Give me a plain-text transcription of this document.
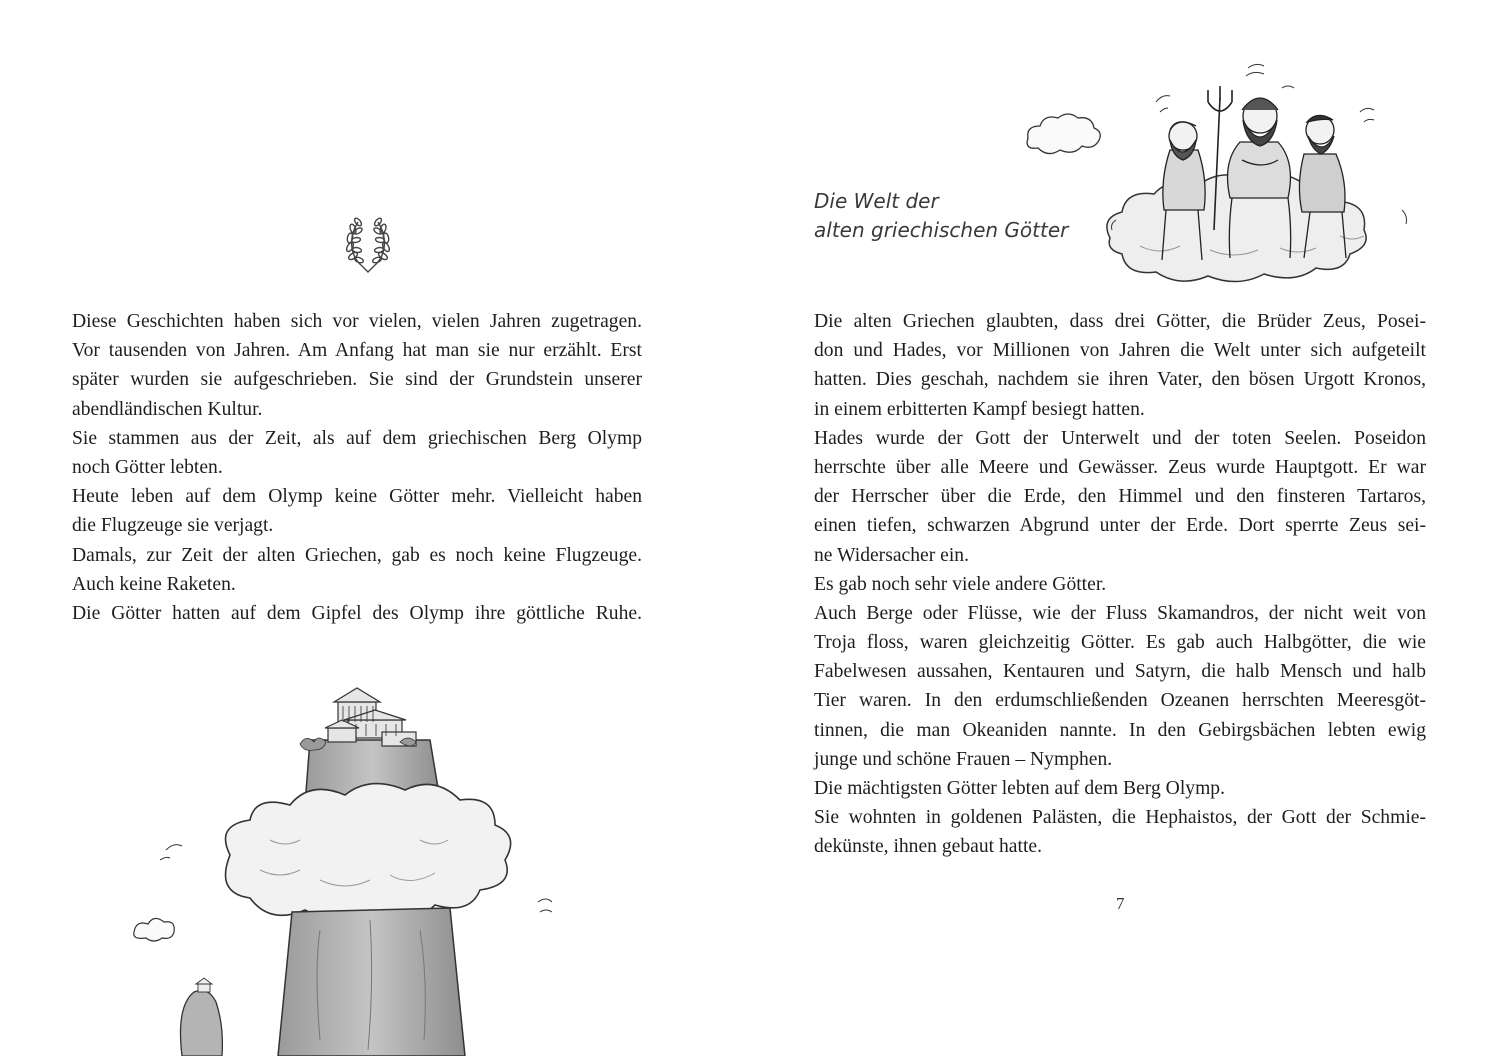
Diese Geschichten haben sich vor vielen, vielen Jahren zugetragen.
Vor tausenden von Jahren. Am Anfang hat man sie nur erzählt. Erst
später wurden sie aufgeschrieben. Sie sind der Grundstein unserer
abendländischen Kultur.
Sie stammen aus der Zeit, als auf dem griechischen Berg Olymp
noch Götter lebten.
Heute leben auf dem Olymp keine Götter mehr. Vielleicht haben
die Flugzeuge sie verjagt.
Damals, zur Zeit der alten Griechen, gab es noch keine Flugzeuge.
Auch keine Raketen.
Die Götter hatten auf dem Gipfel des Olymp ihre göttliche Ruhe.
Die Welt der
alten griechischen Götter
Die alten Griechen glaubten, dass drei Götter, die Brüder Zeus, Posei-
don und Hades, vor Millionen von Jahren die Welt unter sich aufgeteilt
hatten. Dies geschah, nachdem sie ihren Vater, den bösen Urgott Kronos,
in einem erbitterten Kampf besiegt hatten.
Hades wurde der Gott der Unterwelt und der toten Seelen. Poseidon
herrschte über alle Meere und Gewässer. Zeus wurde Hauptgott. Er war
der Herrscher über die Erde, den Himmel und den finsteren Tartaros,
einen tiefen, schwarzen Abgrund unter der Erde. Dort sperrte Zeus sei-
ne Widersacher ein.
Es gab noch sehr viele andere Götter.
Auch Berge oder Flüsse, wie der Fluss Skamandros, der nicht weit von
Troja floss, waren gleichzeitig Götter. Es gab auch Halbgötter, die wie
Fabelwesen aussahen, Kentauren und Satyrn, die halb Mensch und halb
Tier waren. In den erdumschließenden Ozeanen herrschten Meeresgöt-
tinnen, die man Okeaniden nannte. In den Gebirgsbächen lebten ewig
junge und schöne Frauen – Nymphen.
Die mächtigsten Götter lebten auf dem Berg Olymp.
Sie wohnten in goldenen Palästen, die Hephaistos, der Gott der Schmie-
dekünste, ihnen gebaut hatte.
7
